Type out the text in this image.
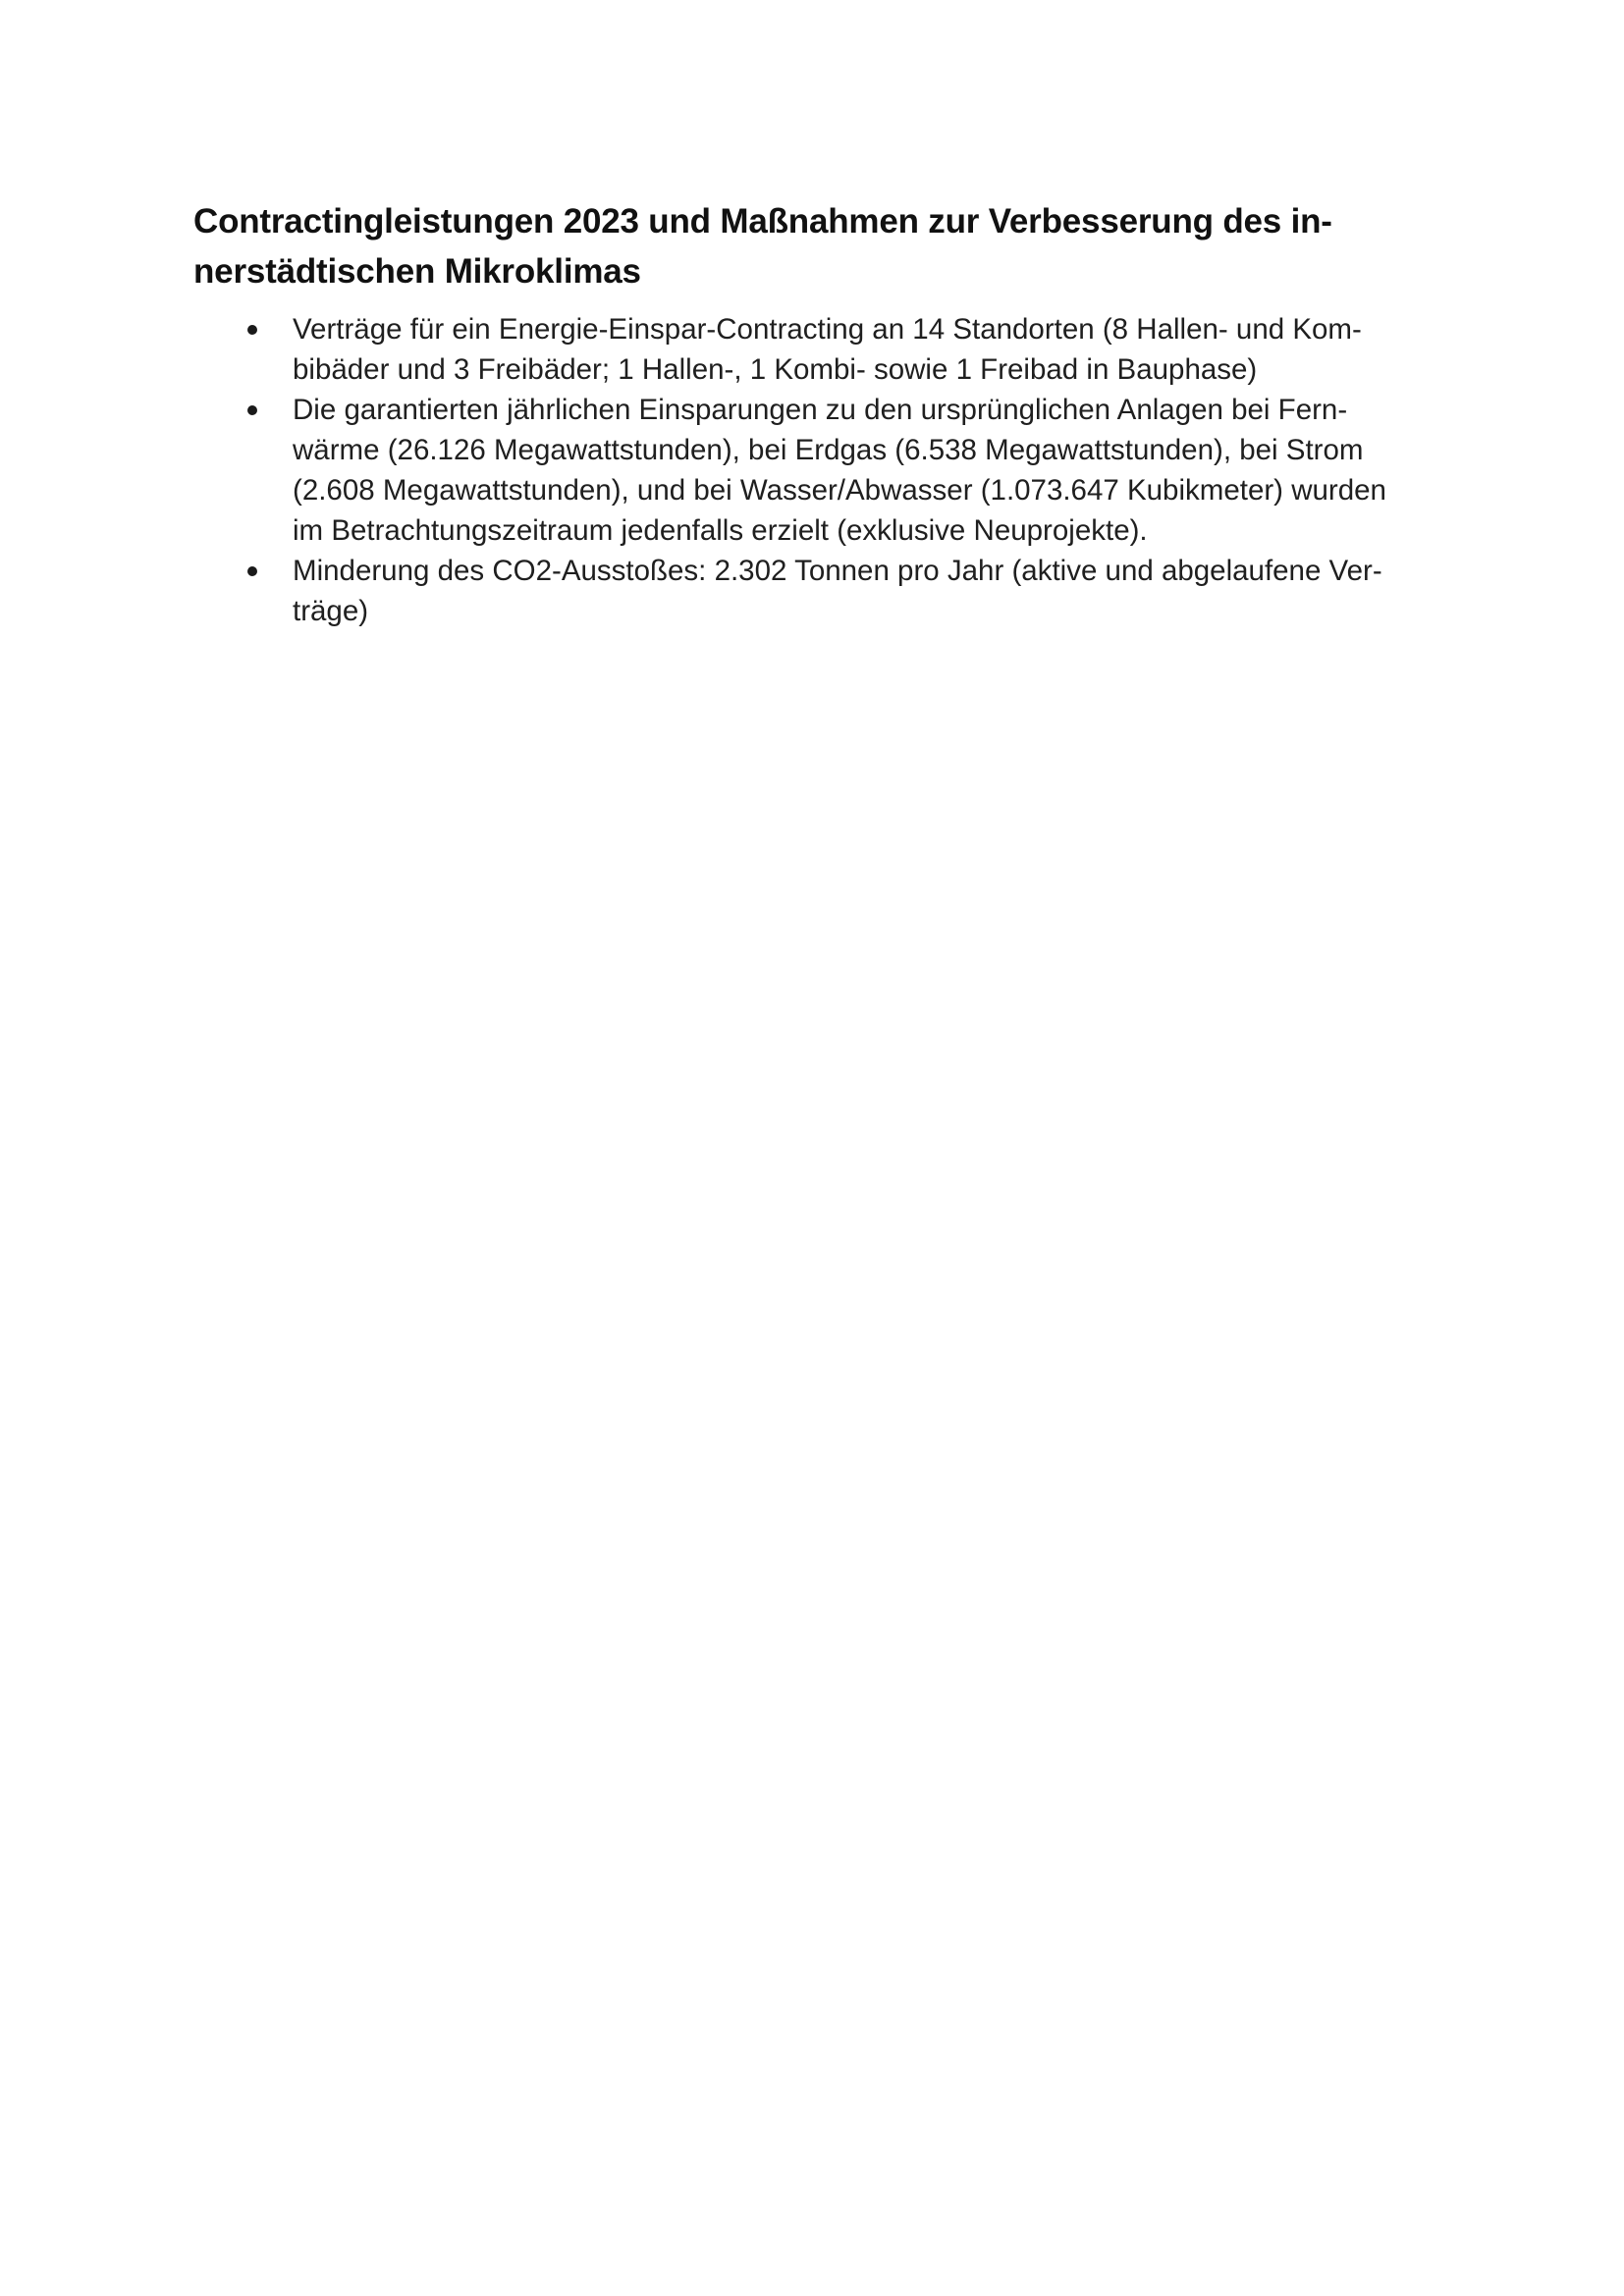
Contractingleistungen 2023 und Maßnahmen zur Verbesserung des in-
nerstädtischen Mikroklimas
Verträge für ein Energie-Einspar-Contracting an 14 Standorten (8 Hallen- und Kom-
bibäder und 3 Freibäder; 1 Hallen-, 1 Kombi- sowie 1 Freibad in Bauphase)
Die garantierten jährlichen Einsparungen zu den ursprünglichen Anlagen bei Fern-
wärme (26.126 Megawattstunden), bei Erdgas (6.538 Megawattstunden), bei Strom
(2.608 Megawattstunden), und bei Wasser/Abwasser (1.073.647 Kubikmeter) wurden
im Betrachtungszeitraum jedenfalls erzielt (exklusive Neuprojekte).
Minderung des CO2-Ausstoßes: 2.302 Tonnen pro Jahr (aktive und abgelaufene Ver-
träge)
